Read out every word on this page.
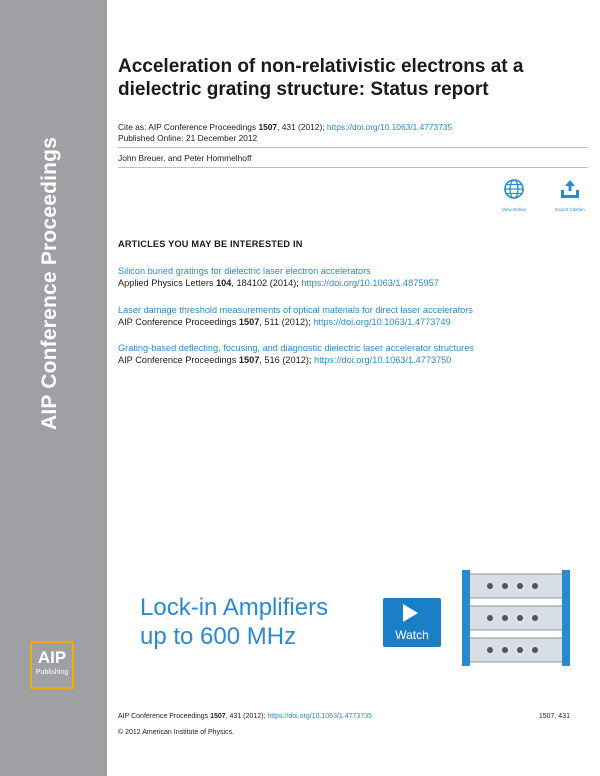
AIP Conference Proceedings
AIP
Publishing
Acceleration of non-relativistic electrons at a dielectric grating structure: Status report
Cite as: AIP Conference Proceedings 1507, 431 (2012); https://doi.org/10.1063/1.4773735
Published Online: 21 December 2012
John Breuer, and Peter Hommelhoff
View Online	Export Citation
ARTICLES YOU MAY BE INTERESTED IN
Silicon buried gratings for dielectric laser electron accelerators
Applied Physics Letters 104, 184102 (2014); https://doi.org/10.1063/1.4875957
Laser damage threshold measurements of optical materials for direct laser accelerators
AIP Conference Proceedings 1507, 511 (2012); https://doi.org/10.1063/1.4773749
Grating-based deflecting, focusing, and diagnostic dielectric laser accelerator structures
AIP Conference Proceedings 1507, 516 (2012); https://doi.org/10.1063/1.4773750
Lock-in Amplifiers
up to 600 MHz	Watch
AIP Conference Proceedings 1507, 431 (2012); https://doi.org/10.1063/1.4773735	1507, 431
© 2012 American Institute of Physics.
